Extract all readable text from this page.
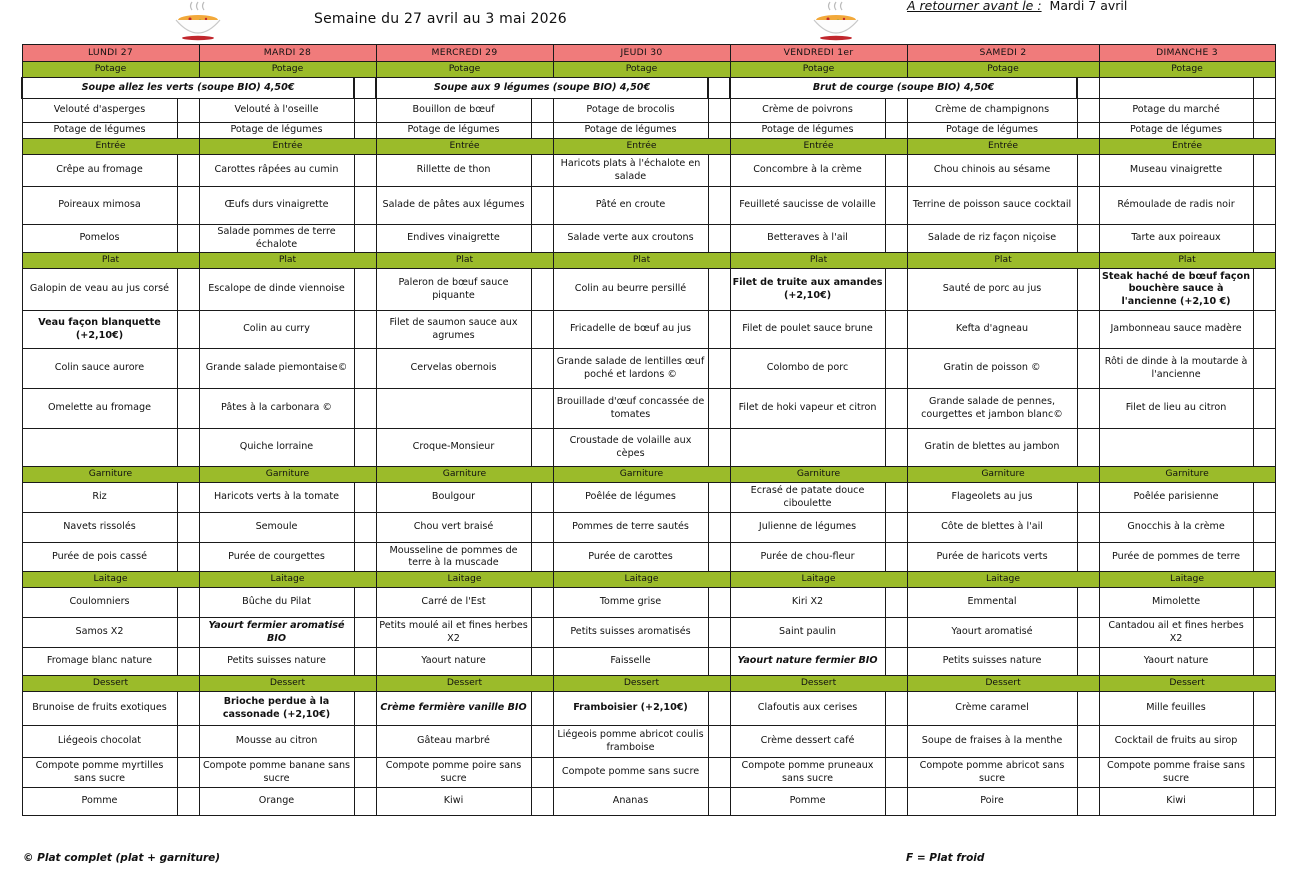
Semaine du 27 avril au 3 mai 2026
A retourner avant le : Mardi 7 avril
LUNDI 27		MARDI 28		MERCREDI 29		JEUDI 30		VENDREDI 1er		SAMEDI 2		DIMANCHE 3	
Potage		Potage		Potage		Potage		Potage		Potage		Potage	
Soupe allez les verts (soupe BIO) 4,50€				Soupe aux 9 légumes (soupe BIO) 4,50€				Brut de courge (soupe BIO) 4,50€					
Velouté d'asperges		Velouté à l'oseille		Bouillon de bœuf		Potage de brocolis		Crème de poivrons		Crème de champignons		Potage du marché	
Potage de légumes		Potage de légumes		Potage de légumes		Potage de légumes		Potage de légumes		Potage de légumes		Potage de légumes	
Entrée		Entrée		Entrée		Entrée		Entrée		Entrée		Entrée	
Crêpe au fromage		Carottes râpées au cumin		Rillette de thon		Haricots plats à l'échalote en salade		Concombre à la crème		Chou chinois au sésame		Museau vinaigrette	
Poireaux mimosa		Œufs durs vinaigrette		Salade de pâtes aux légumes		Pâté en croute		Feuilleté saucisse de volaille		Terrine de poisson sauce cocktail		Rémoulade de radis noir	
Pomelos		Salade pommes de terre échalote		Endives vinaigrette		Salade verte aux croutons		Betteraves à l'ail		Salade de riz façon niçoise		Tarte aux poireaux	
Plat		Plat		Plat		Plat		Plat		Plat		Plat	
Galopin de veau au jus corsé		Escalope de dinde viennoise		Paleron de bœuf sauce piquante		Colin au beurre persillé		Filet de truite aux amandes (+2,10€)		Sauté de porc au jus		Steak haché de bœuf façon bouchère sauce à l'ancienne (+2,10 €)	
Veau façon blanquette (+2,10€)		Colin au curry		Filet de saumon sauce aux agrumes		Fricadelle de bœuf au jus		Filet de poulet sauce brune		Kefta d'agneau		Jambonneau sauce madère	
Colin sauce aurore		Grande salade piemontaise©		Cervelas obernois		Grande salade de lentilles œuf poché et lardons ©		Colombo de porc		Gratin de poisson ©		Rôti de dinde à la moutarde à l'ancienne	
Omelette au fromage		Pâtes à la carbonara ©				Brouillade d'œuf concassée de tomates		Filet de hoki vapeur et citron		Grande salade de pennes, courgettes et jambon blanc©		Filet de lieu au citron	
		Quiche lorraine		Croque-Monsieur		Croustade de volaille aux cèpes				Gratin de blettes au jambon			
Garniture		Garniture		Garniture		Garniture		Garniture		Garniture		Garniture	
Riz		Haricots verts à la tomate		Boulgour		Poêlée de légumes		Ecrasé de patate douce ciboulette		Flageolets au jus		Poêlée parisienne	
Navets rissolés		Semoule		Chou vert braisé		Pommes de terre sautés		Julienne de légumes		Côte de blettes à l'ail		Gnocchis à la crème	
Purée de pois cassé		Purée de courgettes		Mousseline de pommes de terre à la muscade		Purée de carottes		Purée de chou-fleur		Purée de haricots verts		Purée de pommes de terre	
Laitage		Laitage		Laitage		Laitage		Laitage		Laitage		Laitage	
Coulomniers		Bûche du Pilat		Carré de l'Est		Tomme grise		Kiri X2		Emmental		Mimolette	
Samos X2		Yaourt fermier aromatisé BIO		Petits moulé ail et fines herbes X2		Petits suisses aromatisés		Saint paulin		Yaourt aromatisé		Cantadou ail et fines herbes X2	
Fromage blanc nature		Petits suisses nature		Yaourt nature		Faisselle		Yaourt nature fermier BIO		Petits suisses nature		Yaourt nature	
Dessert		Dessert		Dessert		Dessert		Dessert		Dessert		Dessert	
Brunoise de fruits exotiques		Brioche perdue à la cassonade (+2,10€)		Crème fermière vanille BIO		Framboisier (+2,10€)		Clafoutis aux cerises		Crème caramel		Mille feuilles	
Liégeois chocolat		Mousse au citron		Gâteau marbré		Liégeois pomme abricot coulis framboise		Crème dessert café		Soupe de fraises à la menthe		Cocktail de fruits au sirop	
Compote pomme myrtilles sans sucre		Compote pomme banane sans sucre		Compote pomme poire sans sucre		Compote pomme sans sucre		Compote pomme pruneaux sans sucre		Compote pomme abricot sans sucre		Compote pomme fraise sans sucre	
Pomme		Orange		Kiwi		Ananas		Pomme		Poire		Kiwi	
© Plat complet (plat + garniture)	F = Plat froid
